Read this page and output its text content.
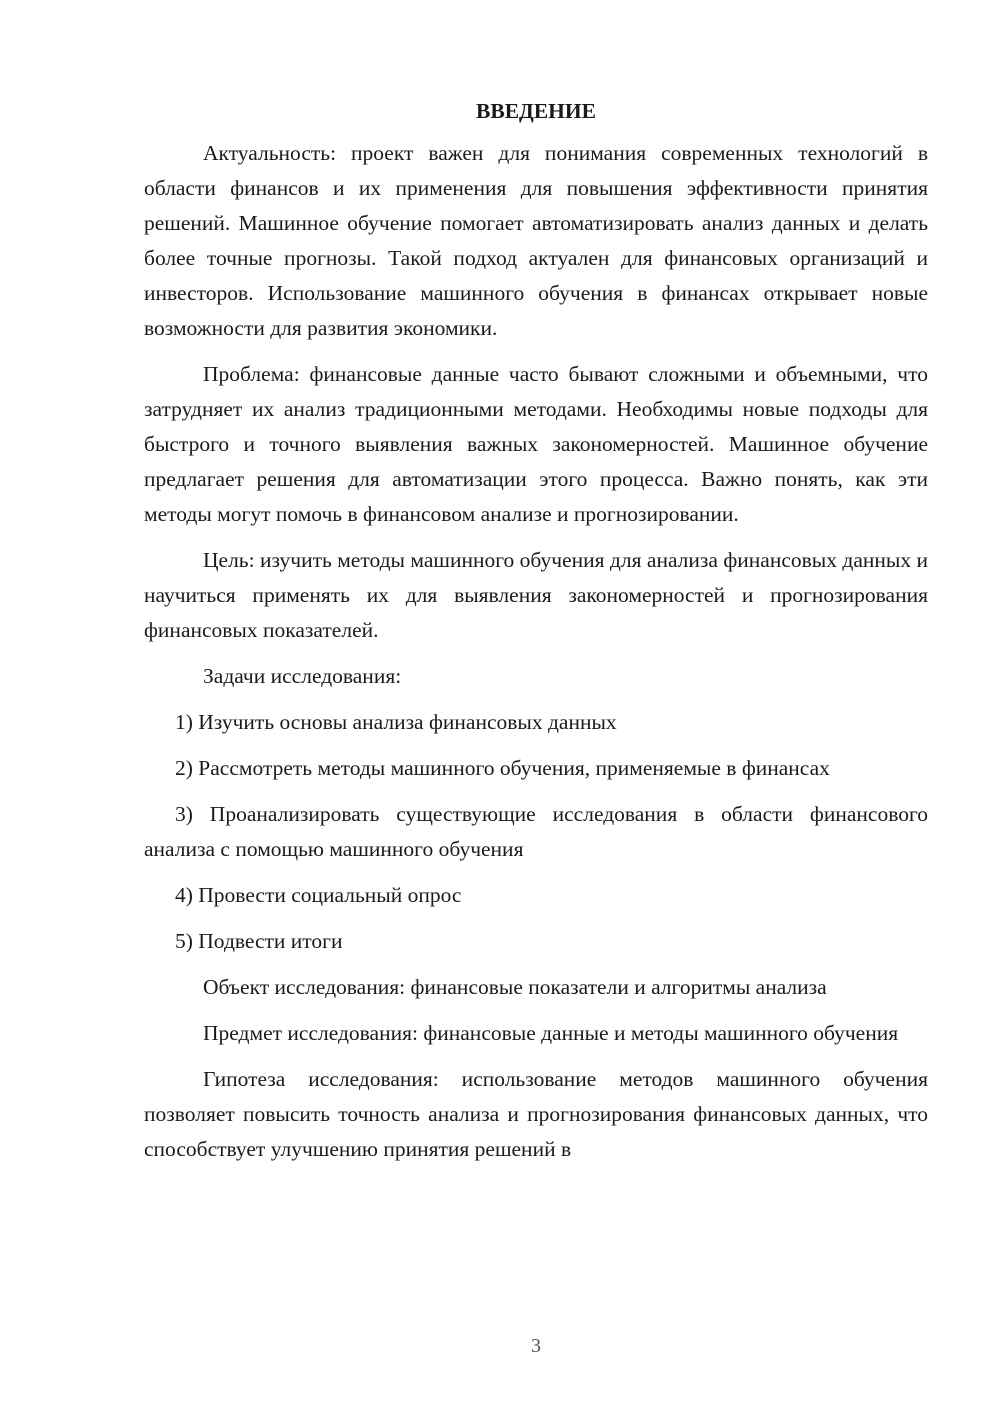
ВВЕДЕНИЕ

Актуальность: проект важен для понимания современных технологий в области финансов и их применения для повышения эффективности принятия решений. Машинное обучение помогает автоматизировать анализ данных и делать более точные прогнозы. Такой подход актуален для финансовых организаций и инвесторов. Использование машинного обучения в финансах открывает новые возможности для развития экономики.

Проблема: финансовые данные часто бывают сложными и объемными, что затрудняет их анализ традиционными методами. Необходимы новые подходы для быстрого и точного выявления важных закономерностей. Машинное обучение предлагает решения для автоматизации этого процесса. Важно понять, как эти методы могут помочь в финансовом анализе и прогнозировании.

Цель: изучить методы машинного обучения для анализа финансовых данных и научиться применять их для выявления закономерностей и прогнозирования финансовых показателей.

Задачи исследования:

1) Изучить основы анализа финансовых данных

2) Рассмотреть методы машинного обучения, применяемые в финансах

3) Проанализировать существующие исследования в области финансового анализа с помощью машинного обучения

4) Провести социальный опрос

5) Подвести итоги

Объект исследования: финансовые показатели и алгоритмы анализа

Предмет исследования: финансовые данные и методы машинного обучения

Гипотеза исследования: использование методов машинного обучения позволяет повысить точность анализа и прогнозирования финансовых данных, что способствует улучшению принятия решений в

3
